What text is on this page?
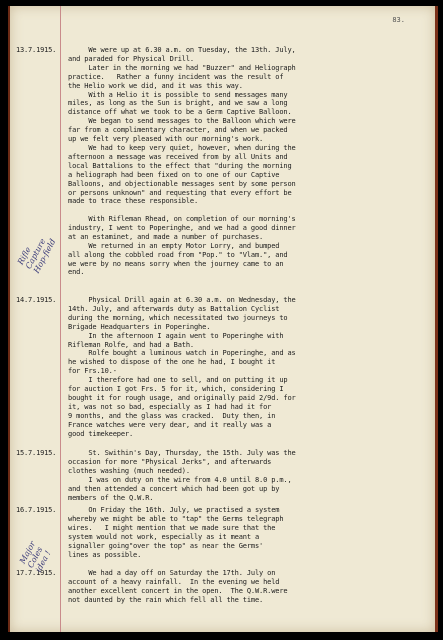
83.
13.7.1915.	We were up at 6.30 a.m. on Tuesday, the 13th. July,
and paraded for Physical Drill.
Later in the morning we had "Buzzer" and Heliograph
practice.   Rather a funny incident was the result of
the Helio work we did, and it was this way.
With a Helio it is possible to send messages many
miles, as long as the Sun is bright, and we saw a long
distance off what we took to be a Germ Captive Balloon.
We began to send messages to the Balloon which were
far from a complimentary character, and when we packed
up we felt very pleased with our morning's work.
We had to keep very quiet, however, when during the
afternoon a message was received from by all Units and
local Battalions to the effect that "during the morning
a heliograph had been fixed on to one of our Captive
Balloons, and objectionable messages sent by some person
or persons unknown" and requesting that every effort be
made to trace these responsible.
With Rifleman Rhead, on completion of our morning's
industry, I went to Poperinghe, and we had a good dinner
at an estaminet, and made a number of purchases.
We returned in an empty Motor Lorry, and bumped
all along the cobbled road from "Pop." to "Vlam.", and
we were by no means sorry when the journey came to an
end.
14.7.1915.	Physical Drill again at 6.30 a.m. on Wednesday, the
14th. July, and afterwards duty as Battalion Cyclist
during the morning, which necessitated two journeys to
Brigade Headquarters in Poperinghe.
In the afternoon I again went to Poperinghe with
Rifleman Rolfe, and had a Bath.
Rolfe bought a luminous watch in Poperinghe, and as
he wished to dispose of the one he had, I bought it
for Frs.10.-
I therefore had one to sell, and on putting it up
for auction I got Frs. 5 for it, which, considering I
bought it for rough usage, and originally paid 2/9d. for
it, was not so bad, especially as I had had it for
9 months, and the glass was cracked.  Duty then, in
France watches were very dear, and it really was a
good timekeeper.
15.7.1915.	St. Swithin's Day, Thursday, the 15th. July was the
occasion for more "Physical Jerks", and afterwards
clothes washing (much needed).
I was on duty on the wire from 4.0 until 8.0 p.m.,
and then attended a concert which had been got up by
members of the Q.W.R.
16.7.1915.	On Friday the 16th. July, we practised a system
whereby we might be able to "tap" the Germs telegraph
wires.   I might mention that we made sure that the
system would not work, especially as it meant a
signaller going"over the top" as near the Germs'
lines as possible.
17.7.1915.	We had a day off on Saturday the 17th. July on
account of a heavy rainfall.  In the evening we held
another excellent concert in the open.  The Q.W.R.were
not daunted by the rain which fell all the time.
Rifle
Capture
Hop-field
Major
Coles
idea !
